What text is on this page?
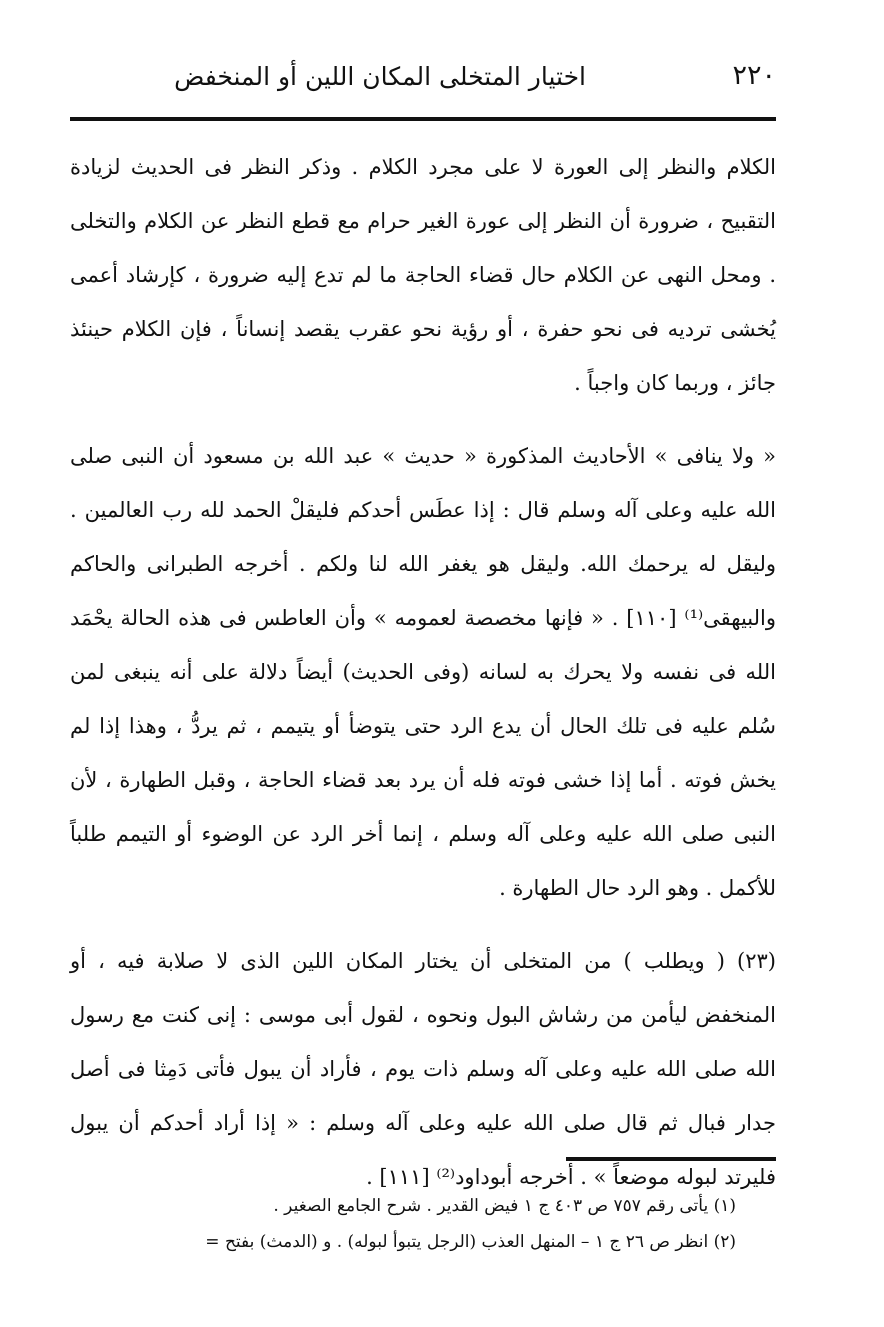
٢٢٠
اختيار المتخلى المكان اللين أو المنخفض

الكلام والنظر إلى العورة لا على مجرد الكلام . وذكر النظر فى الحديث لزيادة التقبيح ، ضرورة أن النظر إلى عورة الغير حرام مع قطع النظر عن الكلام والتخلى . ومحل النهى عن الكلام حال قضاء الحاجة ما لم تدع إليه ضرورة ، كإرشاد أعمى يُخشى ترديه فى نحو حفرة ، أو رؤية نحو عقرب يقصد إنساناً ، فإن الكلام حينئذ جائز ، وربما كان واجباً .

« ولا ينافى » الأحاديث المذكورة « حديث » عبد الله بن مسعود أن النبى صلى الله عليه وعلى آله وسلم قال : إذا عطَس أحدكم فليقلْ الحمد لله رب العالمين . وليقل له يرحمك الله. وليقل هو يغفر الله لنا ولكم . أخرجه الطبرانى والحاكم والبيهقى⁽¹⁾ [١١٠] . « فإنها مخصصة لعمومه » وأن العاطس فى هذه الحالة يحْمَد الله فى نفسه ولا يحرك به لسانه (وفى الحديث) أيضاً دلالة على أنه ينبغى لمن سُلم عليه فى تلك الحال أن يدع الرد حتى يتوضأ أو يتيمم ، ثم يردُّ ، وهذا إذا لم يخش فوته . أما إذا خشى فوته فله أن يرد بعد قضاء الحاجة ، وقبل الطهارة ، لأن النبى صلى الله عليه وعلى آله وسلم ، إنما أخر الرد عن الوضوء أو التيمم طلباً للأكمل . وهو الرد حال الطهارة .

(٢٣) ( ويطلب ) من المتخلى أن يختار المكان اللين الذى لا صلابة فيه ، أو المنخفض ليأمن من رشاش البول ونحوه ، لقول أبى موسى : إنى كنت مع رسول الله صلى الله عليه وعلى آله وسلم ذات يوم ، فأراد أن يبول فأتى دَمِثا فى أصل جدار فبال ثم قال صلى الله عليه وعلى آله وسلم : « إذا أراد أحدكم أن يبول فليرتد لبوله موضعاً » . أخرجه أبوداود⁽²⁾ [١١١] .

(١) يأتى رقم ٧٥٧ ص ٤٠٣ ج ١ فيض القدير . شرح الجامع الصغير .
(٢) انظر ص ٢٦ ج ١ – المنهل العذب (الرجل يتبوأ لبوله) . و (الدمث) بفتح =
